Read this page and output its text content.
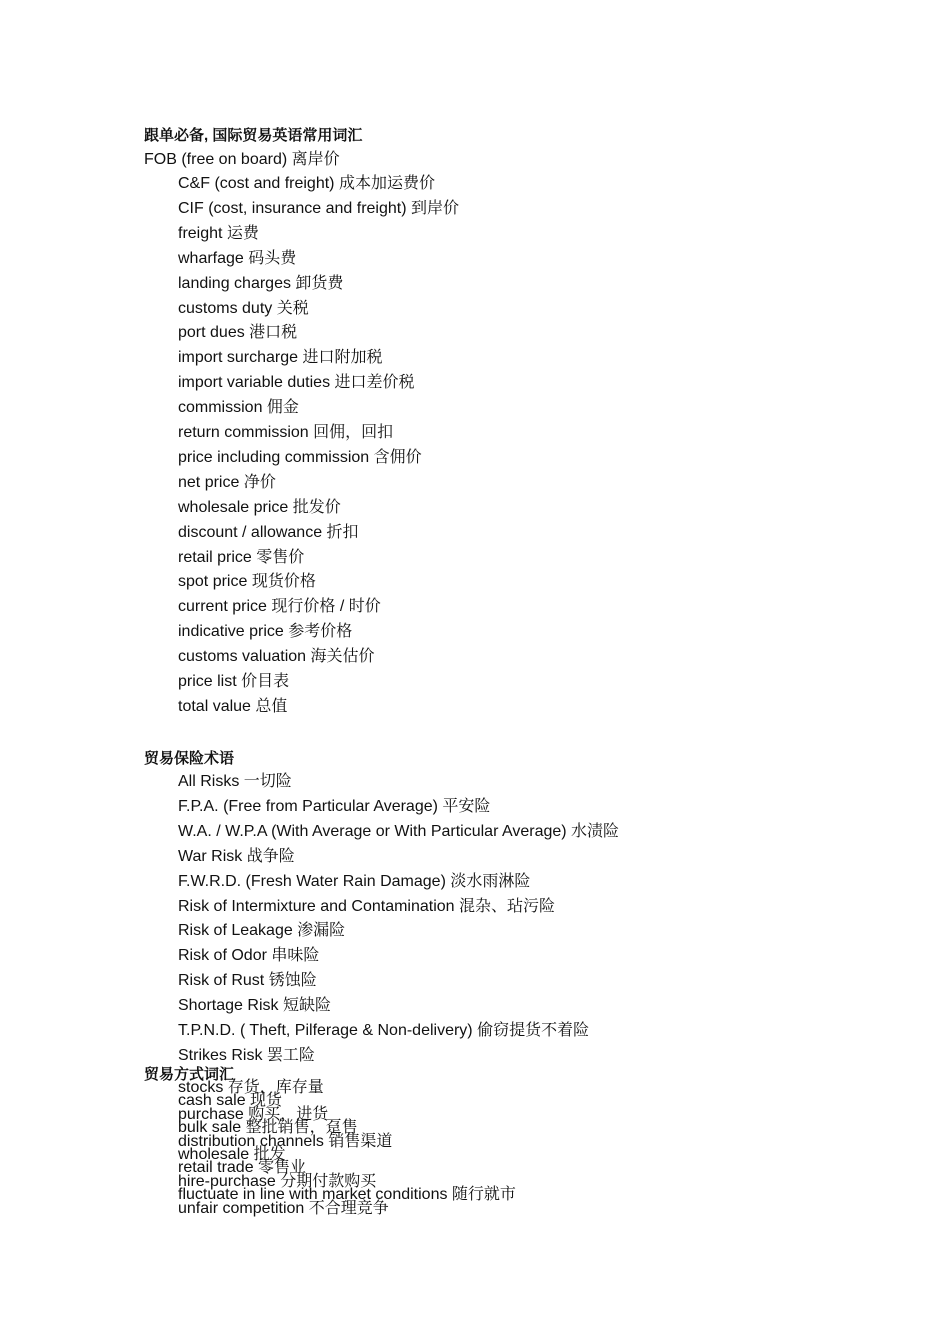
跟单必备, 国际贸易英语常用词汇
FOB (free on board) 离岸价
C&F (cost and freight) 成本加运费价
CIF (cost, insurance and freight) 到岸价
freight 运费
wharfage 码头费
landing charges 卸货费
customs duty 关税
port dues 港口税
import surcharge 进口附加税
import variable duties 进口差价税
commission 佣金
return commission 回佣，回扣
price including commission 含佣价
net price 净价
wholesale price 批发价
discount / allowance 折扣
retail price 零售价
spot price 现货价格
current price 现行价格 / 时价
indicative price 参考价格
customs valuation 海关估价
price list 价目表
total value 总值
贸易保险术语
All Risks 一切险
F.P.A. (Free from Particular Average) 平安险
W.A. / W.P.A (With Average or With Particular Average) 水渍险
War Risk 战争险
F.W.R.D. (Fresh Water Rain Damage) 淡水雨淋险
Risk of Intermixture and Contamination 混杂、玷污险
Risk of Leakage 渗漏险
Risk of Odor 串味险
Risk of Rust 锈蚀险
Shortage Risk 短缺险
T.P.N.D. ( Theft, Pilferage & Non-delivery) 偷窃提货不着险
Strikes Risk 罢工险
贸易方式词汇
stocks 存货，库存量
cash sale 现货
purchase 购买，进货
bulk sale 整批销售，趸售
distribution channels 销售渠道
wholesale 批发
retail trade 零售业
hire-purchase 分期付款购买
fluctuate in line with market conditions 随行就市
unfair competition 不合理竞争
